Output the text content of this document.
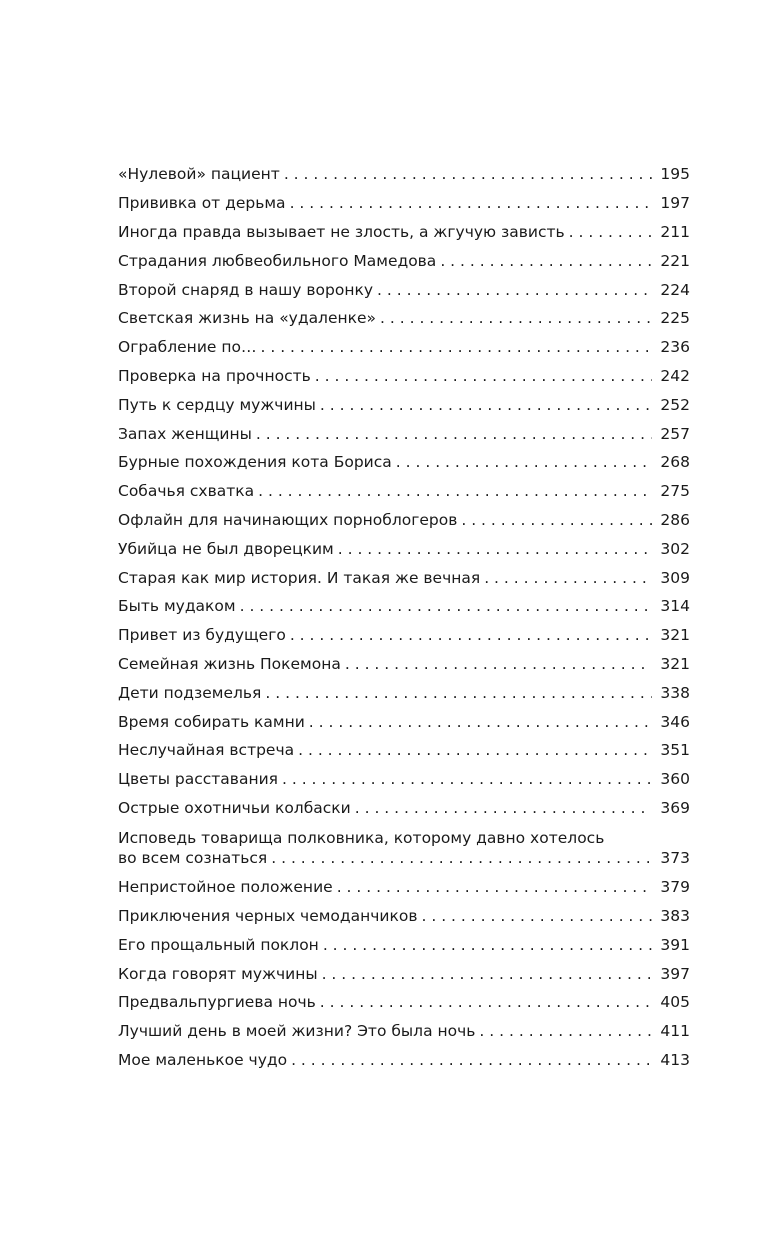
«Нулевой» пациент . . .	195
Прививка от дерьма . . .	197
Иногда правда вызывает не злость, а жгучую зависть . . .	211
Страдания любвеобильного Мамедова . . .	221
Второй снаряд в нашу воронку . . .	224
Светская жизнь на «удаленке» . . .	225
Ограбление по… . . .	236
Проверка на прочность . . .	242
Путь к сердцу мужчины . . .	252
Запах женщины . . .	257
Бурные похождения кота Бориса . . .	268
Собачья схватка . . .	275
Офлайн для начинающих порноблогеров . . .	286
Убийца не был дворецким . . .	302
Старая как мир история. И такая же вечная . . .	309
Быть мудаком . . .	314
Привет из будущего . . .	321
Семейная жизнь Покемона . . .	321
Дети подземелья . . .	338
Время собирать камни . . .	346
Неслучайная встреча . . .	351
Цветы расставания . . .	360
Острые охотничьи колбаски . . .	369
Исповедь товарища полковника, которому давно хотелось
во всем сознаться . . .	373
Непристойное положение . . .	379
Приключения черных чемоданчиков . . .	383
Его прощальный поклон . . .	391
Когда говорят мужчины . . .	397
Предвальпургиева ночь . . .	405
Лучший день в моей жизни? Это была ночь . . .	411
Мое маленькое чудо . . .	413
